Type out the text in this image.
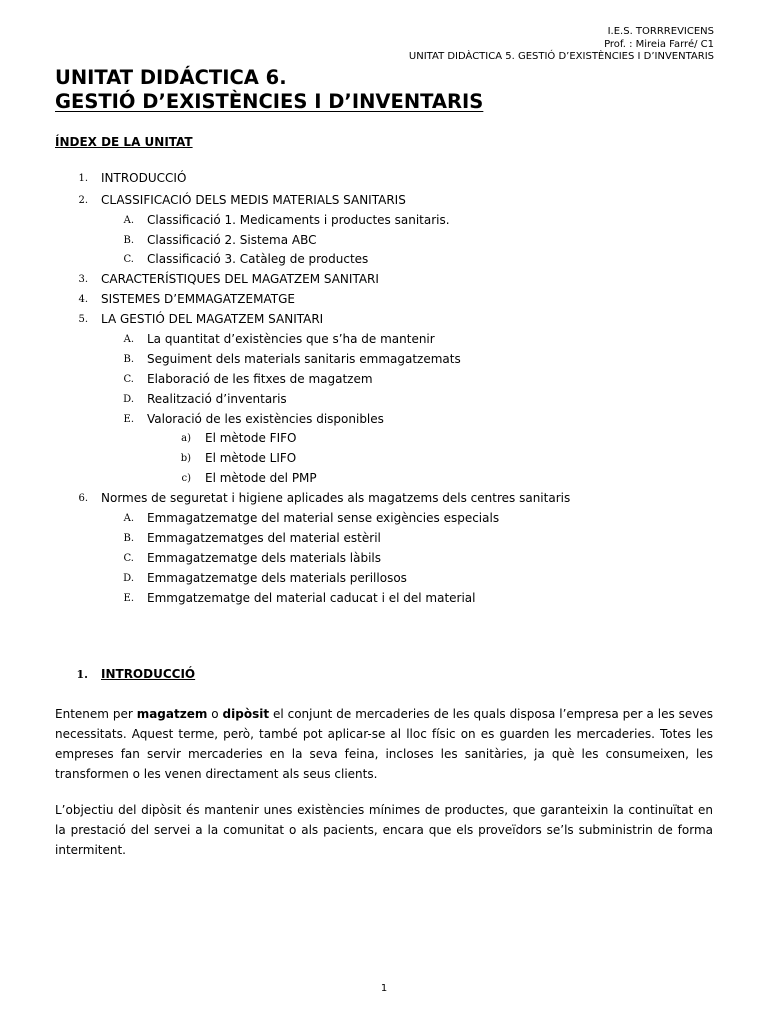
I.E.S. TORRREVICENS
Prof. : Mireia Farré/ C1
UNITAT DIDÀCTICA 5. GESTIÓ D’EXISTÈNCIES I D’INVENTARIS
UNITAT DIDÁCTICA 6.
GESTIÓ D’EXISTÈNCIES I D’INVENTARIS
ÍNDEX DE LA UNITAT
1. INTRODUCCIÓ
2. CLASSIFICACIÓ DELS MEDIS MATERIALS SANITARIS
A. Classificació 1. Medicaments i productes sanitaris.
B. Classificació 2. Sistema ABC
C. Classificació 3. Catàleg de productes
3. CARACTERÍSTIQUES DEL MAGATZEM SANITARI
4. SISTEMES D’EMMAGATZEMATGE
5. LA GESTIÓ DEL MAGATZEM SANITARI
A. La quantitat d’existències que s’ha de mantenir
B. Seguiment dels materials sanitaris emmagatzemats
C. Elaboració de les fitxes de magatzem
D. Realització d’inventaris
E. Valoració de les existències disponibles
a) El mètode FIFO
b) El mètode LIFO
c) El mètode del PMP
6. Normes de seguretat i higiene aplicades als magatzems dels centres sanitaris
A. Emmagatzematge del material sense exigències especials
B. Emmagatzematges del material estèril
C. Emmagatzematge dels materials làbils
D. Emmagatzematge dels materials perillosos
E. Emmgatzematge del material caducat i el del material
1. INTRODUCCIÓ
Entenem per magatzem o dipòsit el conjunt de mercaderies de les quals disposa l’empresa per a les seves necessitats. Aquest terme, però, també pot aplicar-se al lloc físic on es guarden les mercaderies. Totes les empreses fan servir mercaderies en la seva feina, incloses les sanitàries, ja què les consumeixen, les transformen o les venen directament als seus clients.
L’objectiu del dipòsit és mantenir unes existències mínimes de productes, que garanteixin la continuïtat en la prestació del servei a la comunitat o als pacients, encara que els proveïdors se’ls subministrin de forma intermitent.
1
